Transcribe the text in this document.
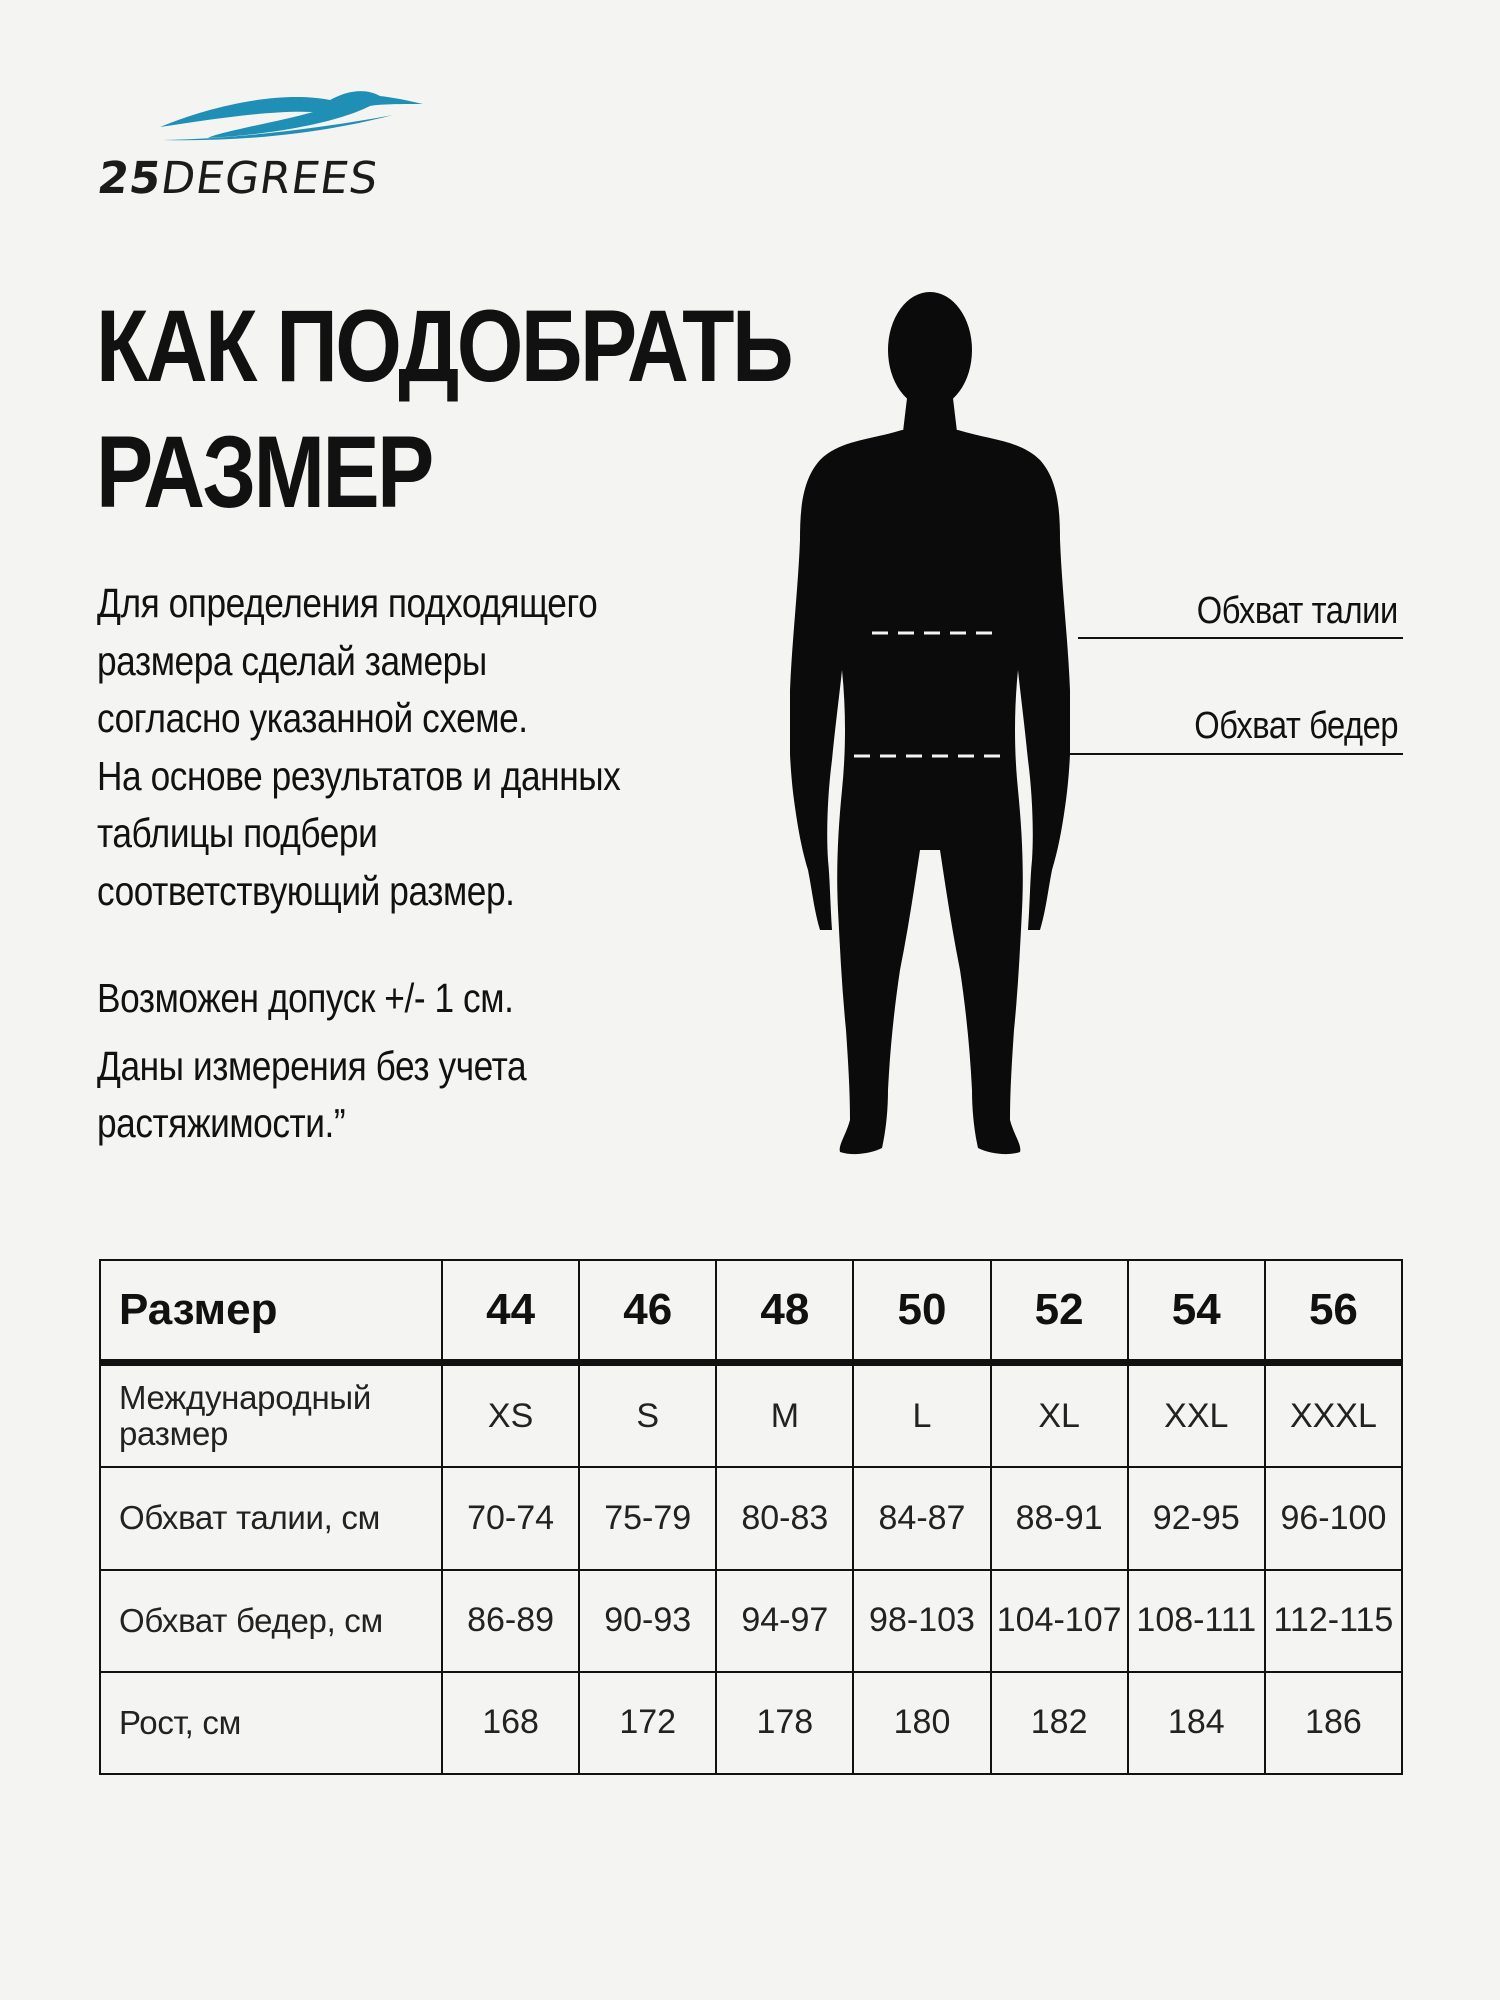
25DEGREES
КАК ПОДОБРАТЬ
РАЗМЕР
Для определения подходящего
размера сделай замеры
согласно указанной схеме.
На основе результатов и данных
таблицы подбери
соответствующий размер.
Возможен допуск +/- 1 см.
Даны измерения без учета
растяжимости.”
Обхват талии
Обхват бедер
Размер	44	46	48	50	52	54	56
Международный
размер	XS	S	M	L	XL	XXL	XXXL
Обхват талии, см	70-74	75-79	80-83	84-87	88-91	92-95	96-100
Обхват бедер, см	86-89	90-93	94-97	98-103	104-107	108-111	112-115
Рост, см	168	172	178	180	182	184	186
